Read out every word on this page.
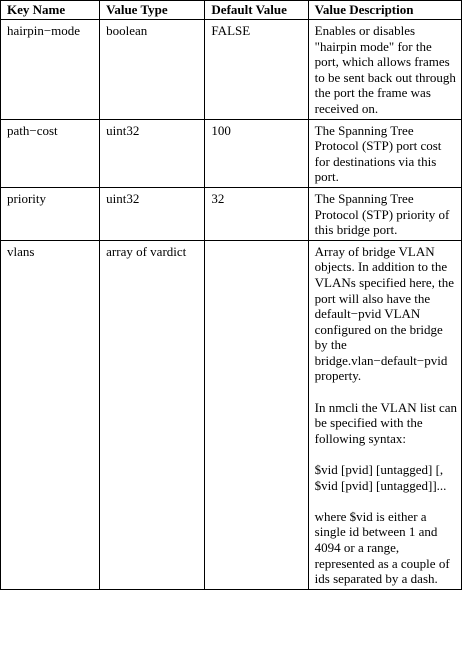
Key Name	Value Type	Default Value	Value Description
hairpin−mode	boolean	FALSE	Enables or disables "hairpin mode" for the port, which allows frames to be sent back out through the port the frame was received on.

path−cost	uint32	100	The Spanning Tree Protocol (STP) port cost for destinations via this port.

priority	uint32	32	The Spanning Tree Protocol (STP) priority of this bridge port.

vlans	array of vardict		Array of bridge VLAN objects. In addition to the VLANs specified here, the port will also have the default−pvid VLAN configured on the bridge by the bridge.vlan−default−pvid property.
In nmcli the VLAN list can be specified with the following syntax:
$vid [pvid] [untagged] [, $vid [pvid] [untagged]]...
where $vid is either a single id between 1 and 4094 or a range, represented as a couple of ids separated by a dash.
